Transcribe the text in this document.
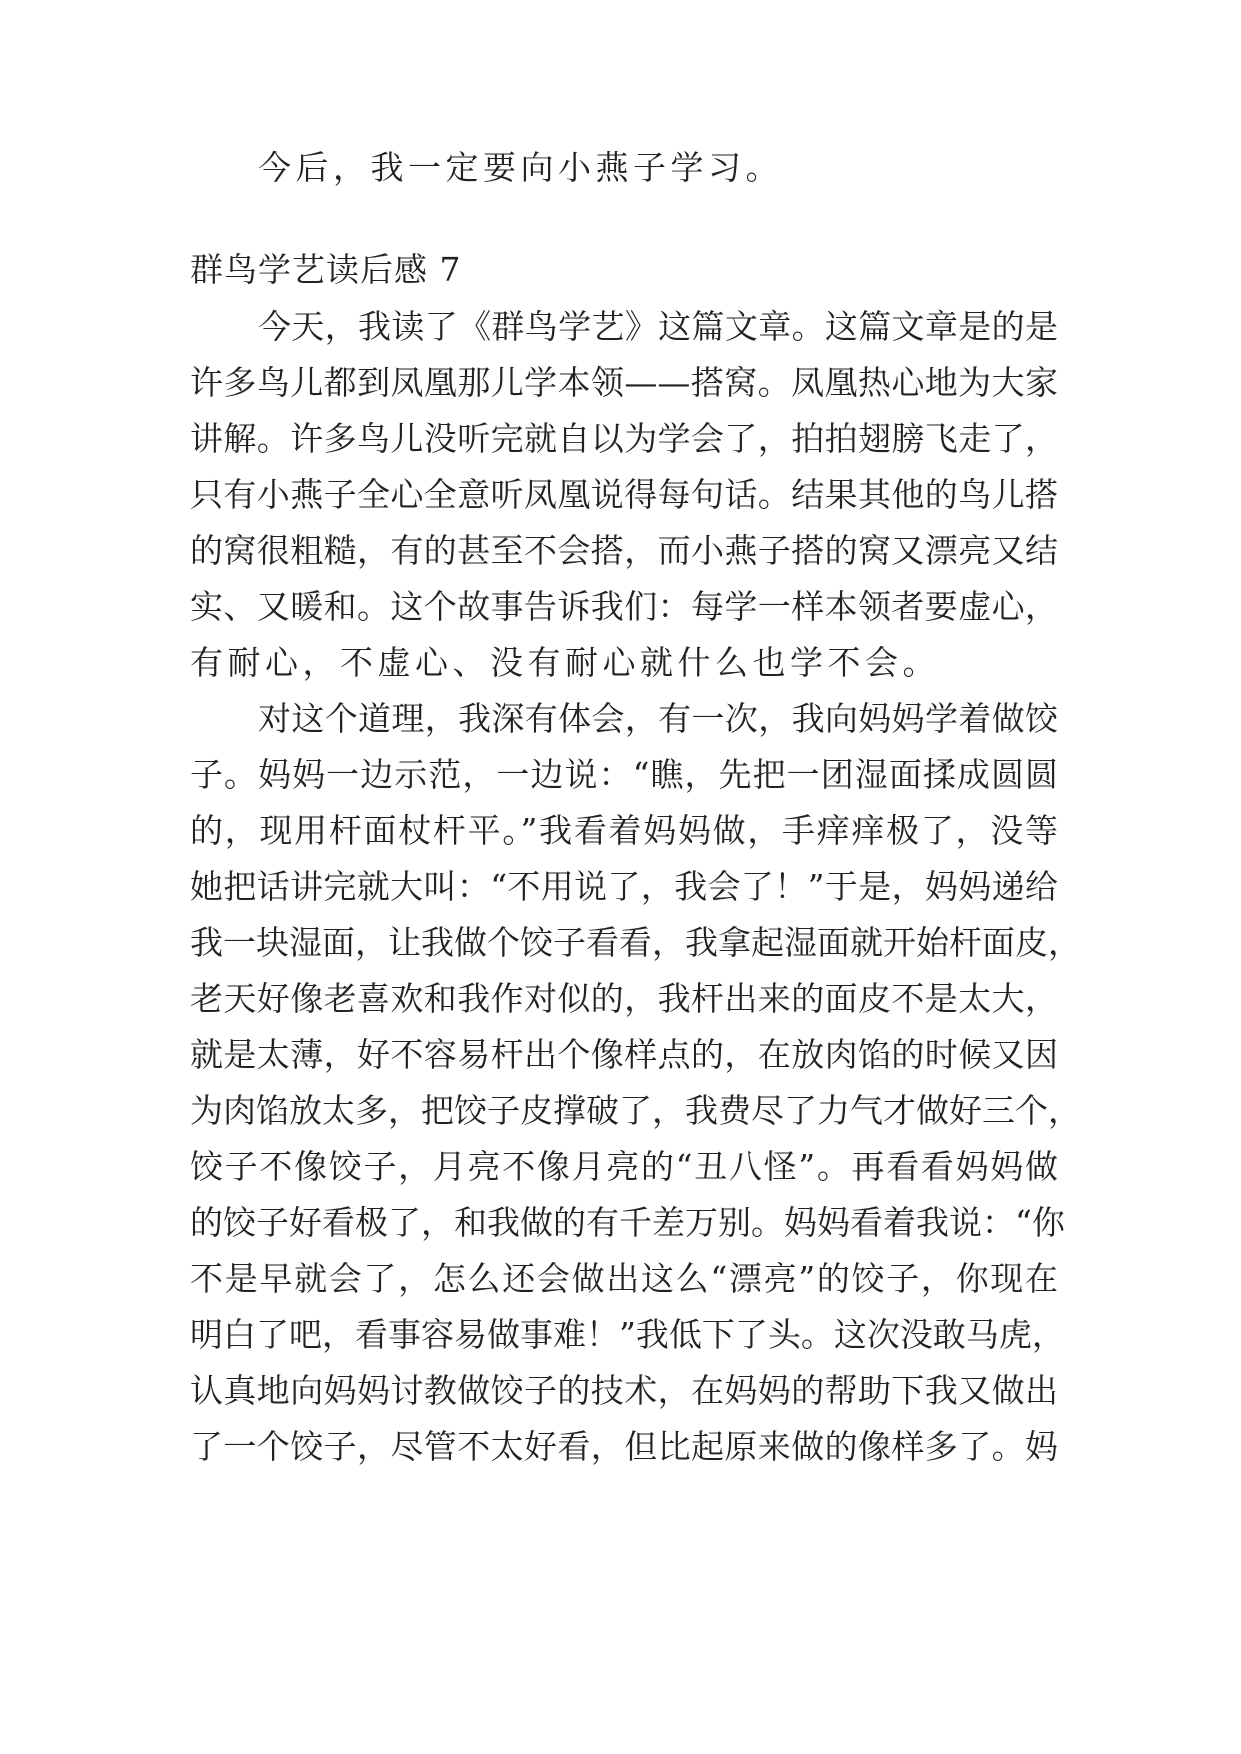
今后，我一定要向小燕子学习。
群鸟学艺读后感 7
今天，我读了《群鸟学艺》这篇文章。这篇文章是的是
许多鸟儿都到凤凰那儿学本领——搭窝。凤凰热心地为大家
讲解。许多鸟儿没听完就自以为学会了，拍拍翅膀飞走了，
只有小燕子全心全意听凤凰说得每句话。结果其他的鸟儿搭
的窝很粗糙，有的甚至不会搭，而小燕子搭的窝又漂亮又结
实、又暖和。这个故事告诉我们：每学一样本领者要虚心，
有耐心，不虚心、没有耐心就什么也学不会。
对这个道理，我深有体会，有一次，我向妈妈学着做饺
子。妈妈一边示范，一边说：“瞧，先把一团湿面揉成圆圆
的，现用杆面杖杆平。”我看着妈妈做，手痒痒极了，没等
她把话讲完就大叫：“不用说了，我会了！”于是，妈妈递给
我一块湿面，让我做个饺子看看，我拿起湿面就开始杆面皮，
老天好像老喜欢和我作对似的，我杆出来的面皮不是太大，
就是太薄，好不容易杆出个像样点的，在放肉馅的时候又因
为肉馅放太多，把饺子皮撑破了，我费尽了力气才做好三个，
饺子不像饺子，月亮不像月亮的“丑八怪”。再看看妈妈做
的饺子好看极了，和我做的有千差万别。妈妈看着我说：“你
不是早就会了，怎么还会做出这么“漂亮”的饺子，你现在
明白了吧，看事容易做事难！”我低下了头。这次没敢马虎，
认真地向妈妈讨教做饺子的技术，在妈妈的帮助下我又做出
了一个饺子，尽管不太好看，但比起原来做的像样多了。妈
